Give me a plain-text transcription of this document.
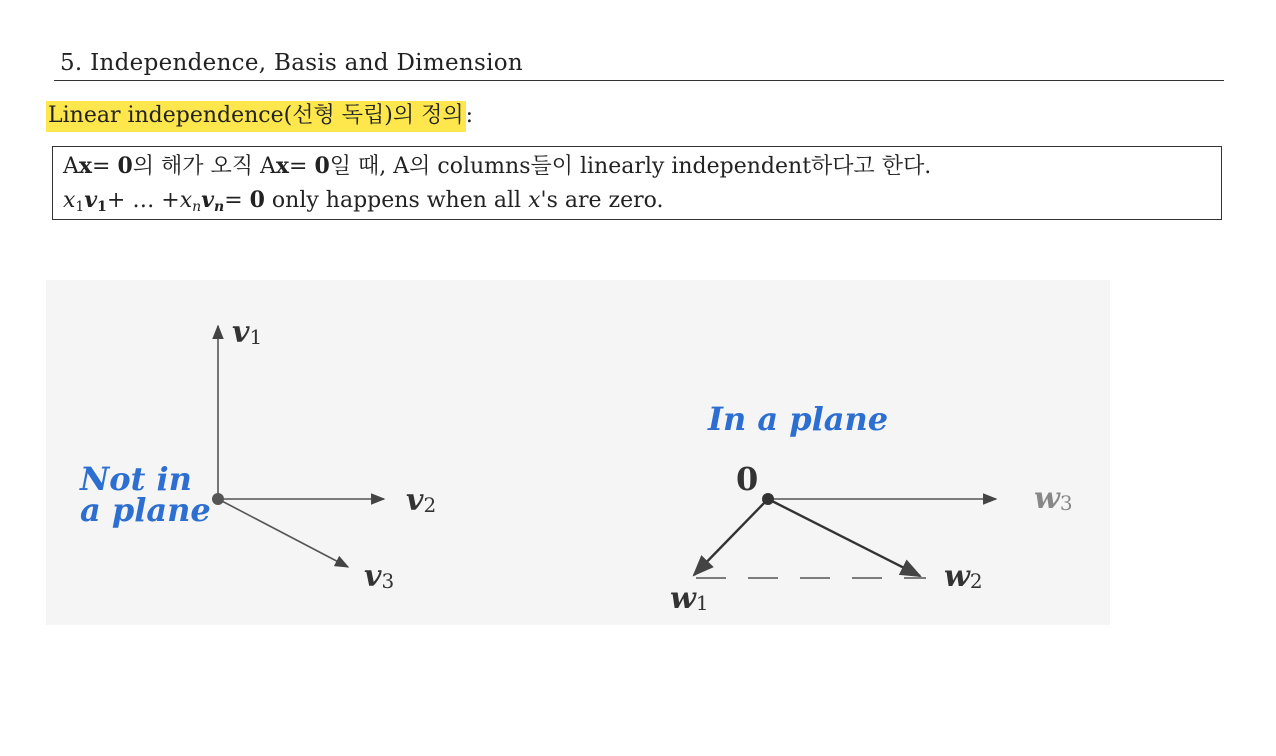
5. Independence, Basis and Dimension
Linear independence(선형 독립)의 정의:
Ax= 0의 해가 오직 Ax= 0일 때, A의 columns들이 linearly independent하다고 한다.
$x_1v_1+$ … $+x_nv_n= 0$ only happens when all x's are zero.
v1
v2
v3
Not in
a plane
In a plane
0
w1
w2
w3
